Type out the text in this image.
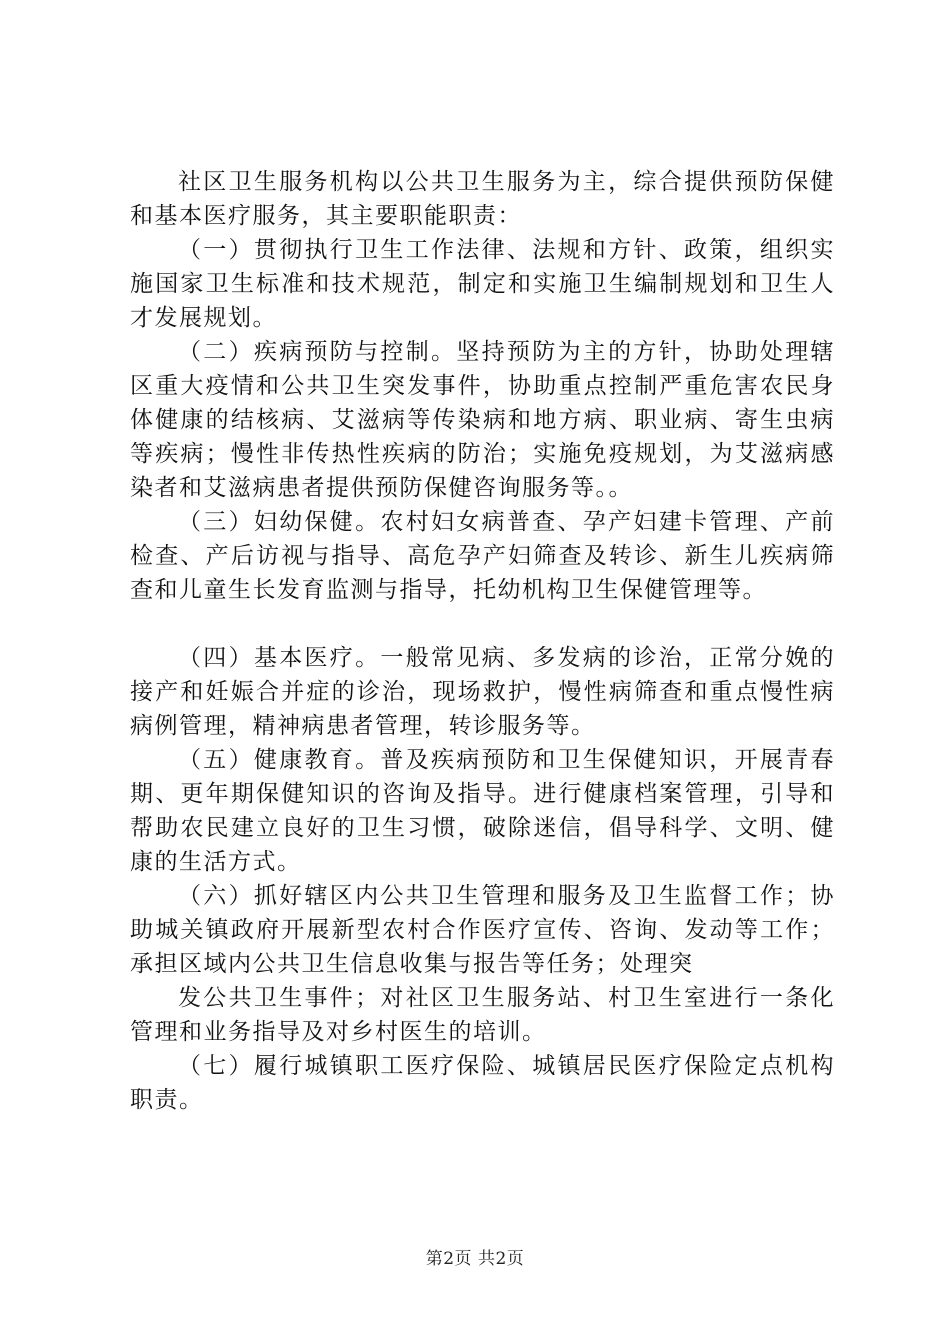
社区卫生服务机构以公共卫生服务为主，综合提供预防保健和基本医疗服务，其主要职能职责：

（一）贯彻执行卫生工作法律、法规和方针、政策，组织实施国家卫生标准和技术规范，制定和实施卫生编制规划和卫生人才发展规划。

（二）疾病预防与控制。坚持预防为主的方针，协助处理辖区重大疫情和公共卫生突发事件，协助重点控制严重危害农民身体健康的结核病、艾滋病等传染病和地方病、职业病、寄生虫病等疾病；慢性非传热性疾病的防治；实施免疫规划，为艾滋病感染者和艾滋病患者提供预防保健咨询服务等。。

（三）妇幼保健。农村妇女病普查、孕产妇建卡管理、产前检查、产后访视与指导、高危孕产妇筛查及转诊、新生儿疾病筛查和儿童生长发育监测与指导，托幼机构卫生保健管理等。

（四）基本医疗。一般常见病、多发病的诊治，正常分娩的接产和妊娠合并症的诊治，现场救护，慢性病筛查和重点慢性病病例管理，精神病患者管理，转诊服务等。

（五）健康教育。普及疾病预防和卫生保健知识，开展青春期、更年期保健知识的咨询及指导。进行健康档案管理，引导和帮助农民建立良好的卫生习惯，破除迷信，倡导科学、文明、健康的生活方式。

（六）抓好辖区内公共卫生管理和服务及卫生监督工作；协助城关镇政府开展新型农村合作医疗宣传、咨询、发动等工作；承担区域内公共卫生信息收集与报告等任务；处理突

发公共卫生事件；对社区卫生服务站、村卫生室进行一条化管理和业务指导及对乡村医生的培训。

（七）履行城镇职工医疗保险、城镇居民医疗保险定点机构职责。

第2页 共2页
